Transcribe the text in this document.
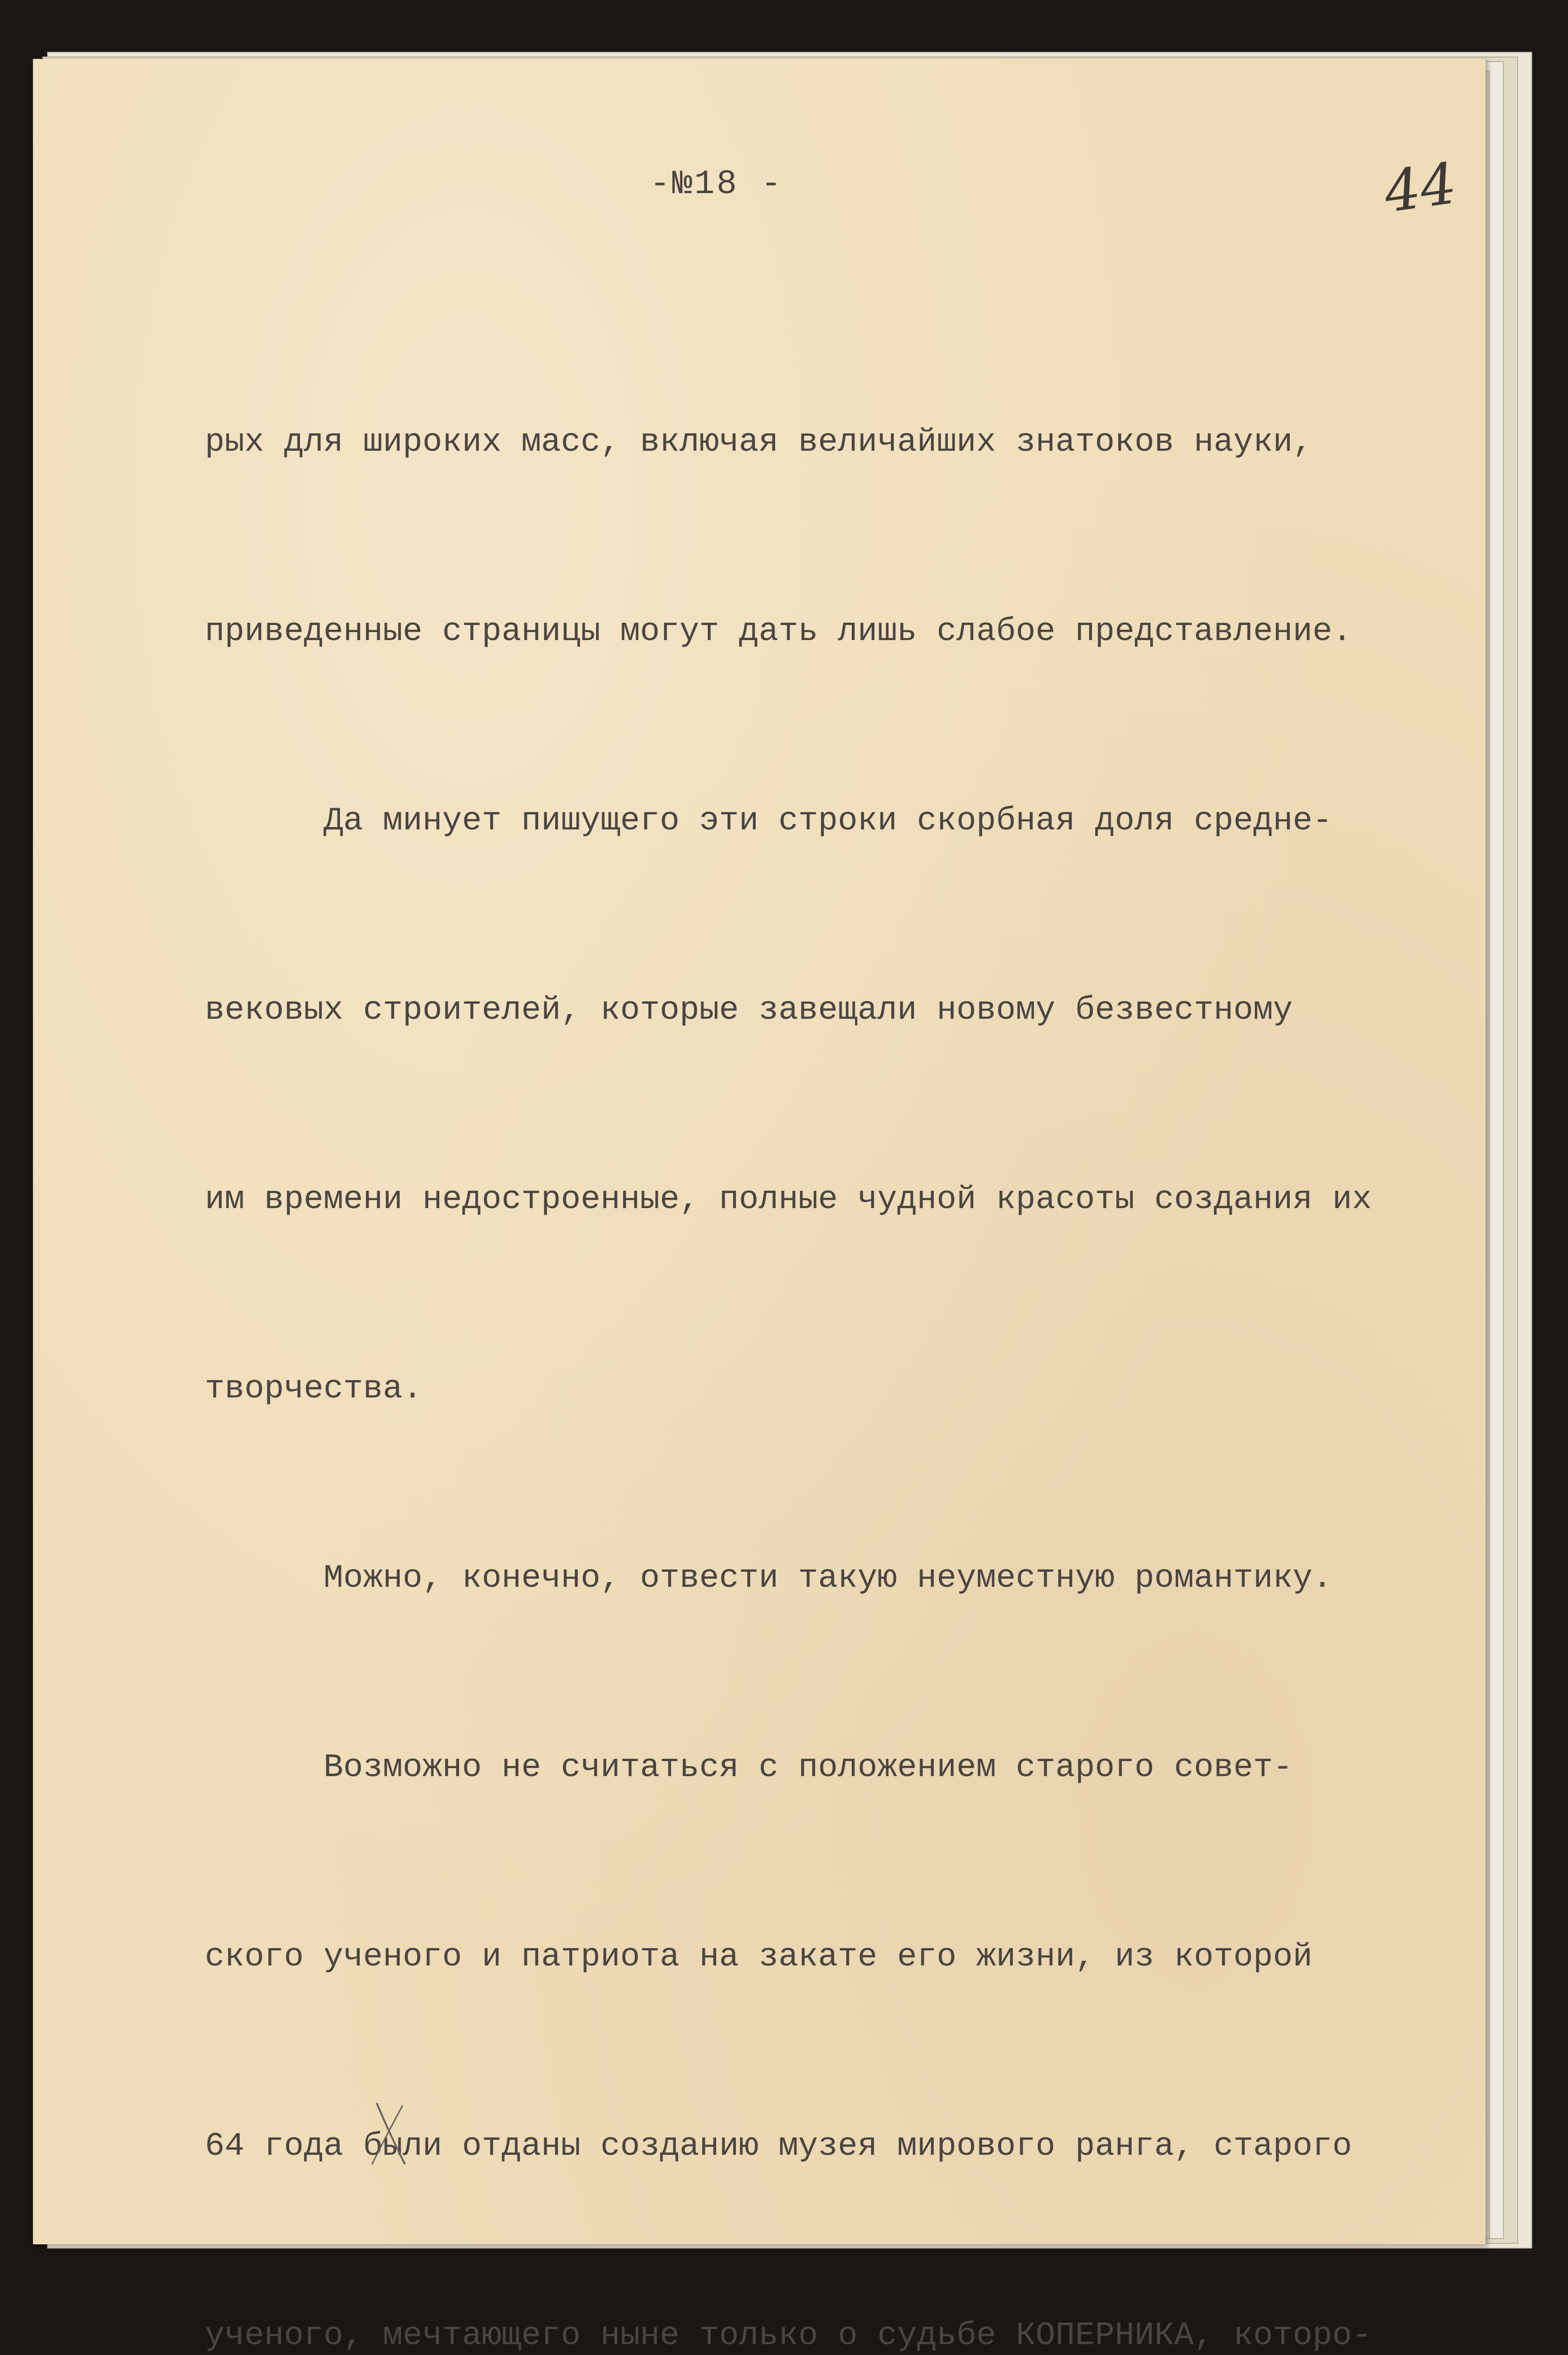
-№18 -	44

рых для широких масс, включая величайших знатоков науки,

приведенные страницы могут дать лишь слабое представление.

Да минует пишущего эти строки скорбная доля средне-

вековых строителей, которые завещали новому безвестному

им времени недостроенные, полные чудной красоты создания их

творчества.

Можно, конечно, отвести такую неуместную романтику.

Возможно не считаться с положением старого совет-

ского ученого и патриота на закате его жизни, из которой

64 года были отданы созданию музея мирового ранга, старого

ученого, мечтающего ныне только о судьбе КОПЕРНИКА, которо-
